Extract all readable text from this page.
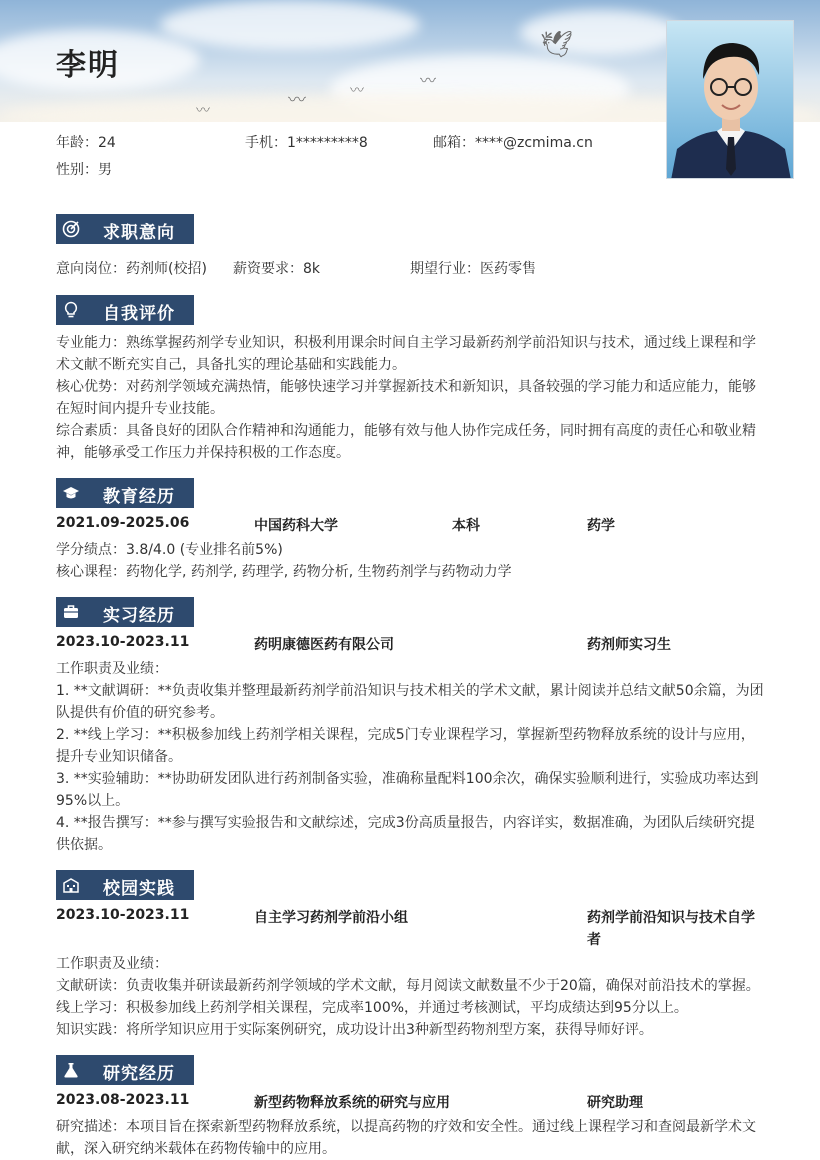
🕊
〰
〰
〰
〰
李明
年龄：24	手机：1*********8	邮箱：****@zcmima.cn
性别：男
求职意向
意向岗位：药剂师(校招) 薪资要求：8k	期望行业：医药零售
自我评价
专业能力：熟练掌握药剂学专业知识，积极利用课余时间自主学习最新药剂学前沿知识与技术，通过线上课程和学术文献不断充实自己，具备扎实的理论基础和实践能力。
核心优势：对药剂学领域充满热情，能够快速学习并掌握新技术和新知识，具备较强的学习能力和适应能力，能够在短时间内提升专业技能。
综合素质：具备良好的团队合作精神和沟通能力，能够有效与他人协作完成任务，同时拥有高度的责任心和敬业精神，能够承受工作压力并保持积极的工作态度。
教育经历
2021.09-2025.06	中国药科大学	本科	药学
学分绩点：3.8/4.0 (专业排名前5%)
核心课程：药物化学, 药剂学, 药理学, 药物分析, 生物药剂学与药物动力学
实习经历
2023.10-2023.11	药明康德医药有限公司	药剂师实习生
工作职责及业绩：
1. **文献调研：**负责收集并整理最新药剂学前沿知识与技术相关的学术文献，累计阅读并总结文献50余篇，为团队提供有价值的研究参考。
2. **线上学习：**积极参加线上药剂学相关课程，完成5门专业课程学习，掌握新型药物释放系统的设计与应用，提升专业知识储备。
3. **实验辅助：**协助研发团队进行药剂制备实验，准确称量配料100余次，确保实验顺利进行，实验成功率达到95%以上。
4. **报告撰写：**参与撰写实验报告和文献综述，完成3份高质量报告，内容详实，数据准确，为团队后续研究提供依据。
校园实践
2023.10-2023.11	自主学习药剂学前沿小组	药剂学前沿知识与技术自学者
工作职责及业绩：
文献研读：负责收集并研读最新药剂学领域的学术文献，每月阅读文献数量不少于20篇，确保对前沿技术的掌握。
线上学习：积极参加线上药剂学相关课程，完成率100%，并通过考核测试，平均成绩达到95分以上。
知识实践：将所学知识应用于实际案例研究，成功设计出3种新型药物剂型方案，获得导师好评。
研究经历
2023.08-2023.11	新型药物释放系统的研究与应用	研究助理
研究描述：本项目旨在探索新型药物释放系统，以提高药物的疗效和安全性。通过线上课程学习和查阅最新学术文献，深入研究纳米载体在药物传输中的应用。
